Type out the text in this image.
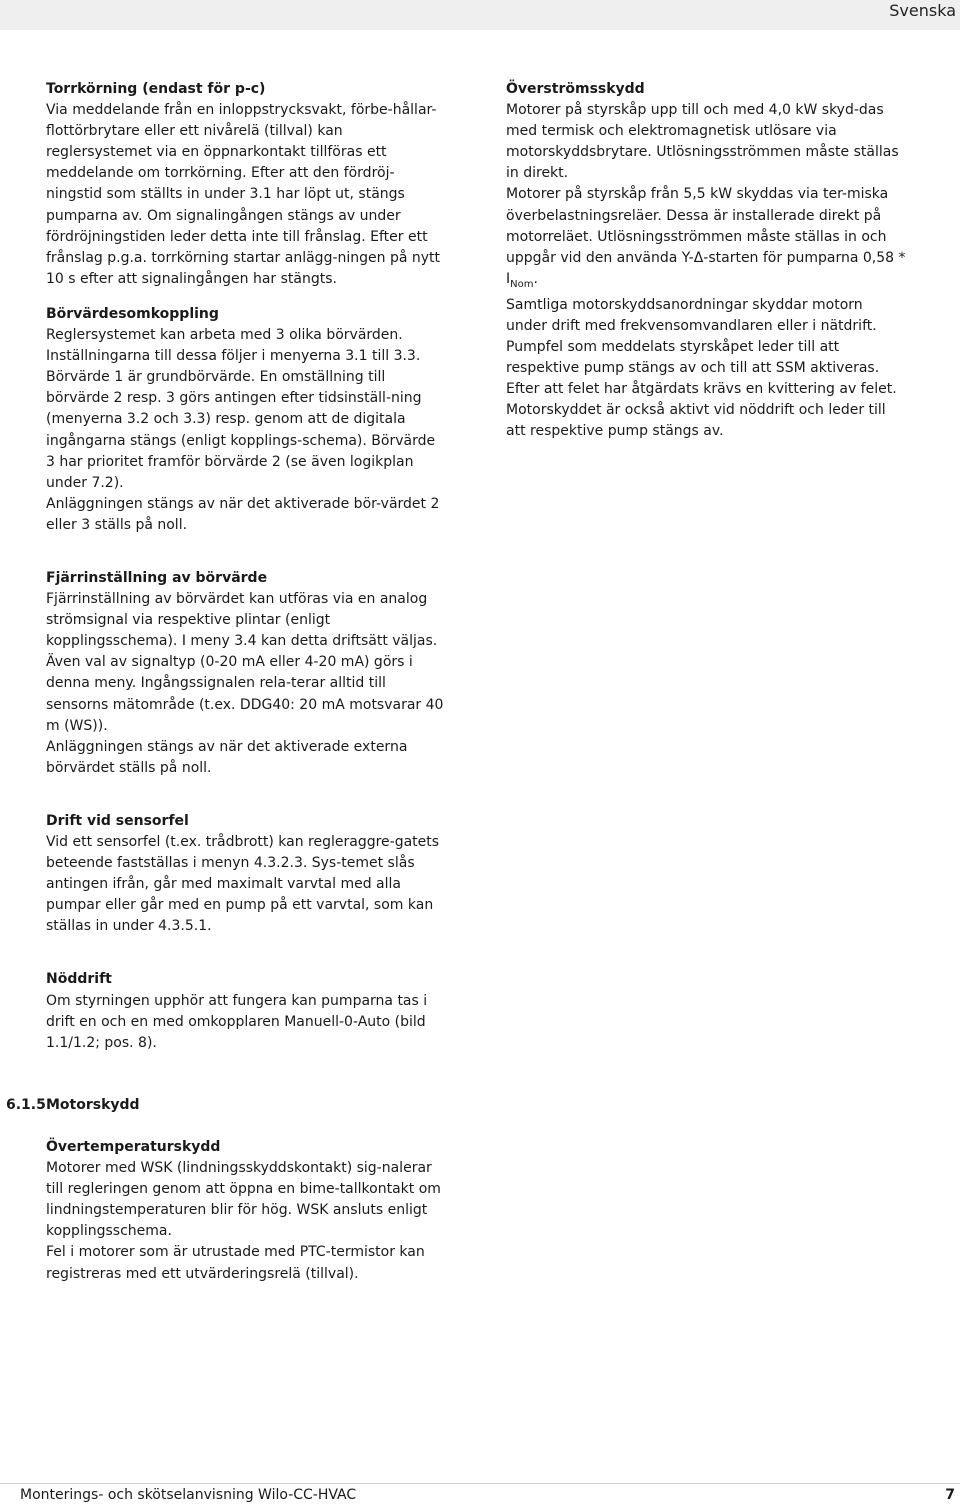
Svenska

Torrkörning (endast för p-c)

Via meddelande från en inloppstrycksvakt, förbe-hållar-flottörbrytare eller ett nivårelä (tillval) kan reglersystemet via en öppnarkontakt tillföras ett meddelande om torrkörning. Efter att den fördröj-ningstid som ställts in under 3.1 har löpt ut, stängs pumparna av. Om signalingången stängs av under fördröjningstiden leder detta inte till frånslag. Efter ett frånslag p.g.a. torrkörning startar anlägg-ningen på nytt 10 s efter att signalingången har stängts.

Börvärdesomkoppling

Reglersystemet kan arbeta med 3 olika börvärden. Inställningarna till dessa följer i menyerna 3.1 till 3.3.

Börvärde 1 är grundbörvärde. En omställning till börvärde 2 resp. 3 görs antingen efter tidsinställ-ning (menyerna 3.2 och 3.3) resp. genom att de digitala ingångarna stängs (enligt kopplings-schema). Börvärde 3 har prioritet framför börvärde 2 (se även logikplan under 7.2).

Anläggningen stängs av när det aktiverade bör-värdet 2 eller 3 ställs på noll.

Fjärrinställning av börvärde

Fjärrinställning av börvärdet kan utföras via en analog strömsignal via respektive plintar (enligt kopplingsschema). I meny 3.4 kan detta driftsätt väljas. Även val av signaltyp (0-20 mA eller 4-20 mA) görs i denna meny. Ingångssignalen rela-terar alltid till sensorns mätområde (t.ex. DDG40: 20 mA motsvarar 40 m (WS)).

Anläggningen stängs av när det aktiverade externa börvärdet ställs på noll.

Drift vid sensorfel

Vid ett sensorfel (t.ex. trådbrott) kan regleraggre-gatets beteende fastställas i menyn 4.3.2.3. Sys-temet slås antingen ifrån, går med maximalt varvtal med alla pumpar eller går med en pump på ett varvtal, som kan ställas in under 4.3.5.1.

Nöddrift

Om styrningen upphör att fungera kan pumparna tas i drift en och en med omkopplaren Manuell-0-Auto (bild 1.1/1.2; pos. 8).

6.1.5 Motorskydd

Övertemperaturskydd

Motorer med WSK (lindningsskyddskontakt) sig-nalerar till regleringen genom att öppna en bime-tallkontakt om lindningstemperaturen blir för hög. WSK ansluts enligt kopplingsschema.

Fel i motorer som är utrustade med PTC-termistor kan registreras med ett utvärderingsrelä (tillval).

Överströmsskydd

Motorer på styrskåp upp till och med 4,0 kW skyd-das med termisk och elektromagnetisk utlösare via motorskyddsbrytare. Utlösningsströmmen måste ställas in direkt.

Motorer på styrskåp från 5,5 kW skyddas via ter-miska överbelastningsreläer. Dessa är installerade direkt på motorreläet. Utlösningsströmmen måste ställas in och uppgår vid den använda Y-Δ-starten för pumparna $0,58 * I_{Nom}$.

Samtliga motorskyddsanordningar skyddar motorn under drift med frekvensomvandlaren eller i nätdrift. Pumpfel som meddelats styrskåpet leder till att respektive pump stängs av och till att SSM aktiveras. Efter att felet har åtgärdats krävs en kvittering av felet.

Motorskyddet är också aktivt vid nöddrift och leder till att respektive pump stängs av.

Monterings- och skötselanvisning Wilo-CC-HVAC	7
